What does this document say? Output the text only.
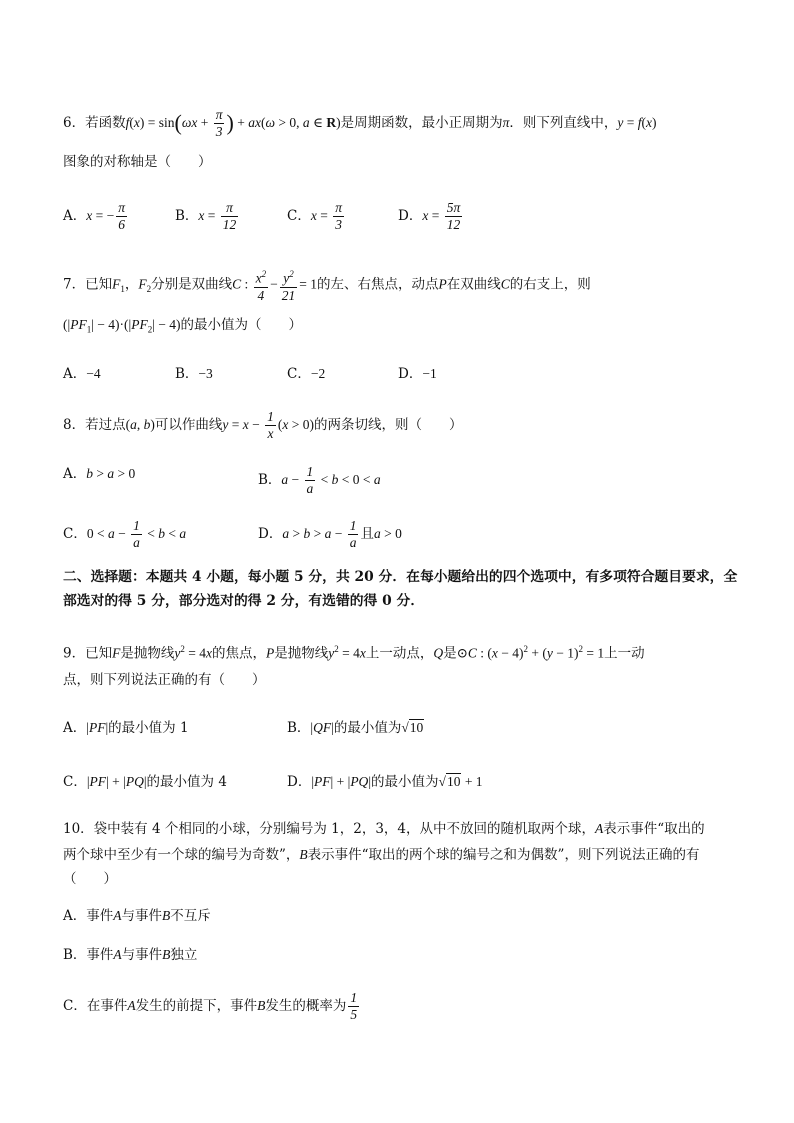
6．若函数$f(x) = \sin(\omega x + \frac{\pi}{3}$ ) + ax(ω > 0, a ∈ R)是周期函数，最小正周期为π．则下列直线中，y = f(x)
图象的对称轴是（　　）
A．x = − $\frac{\pi}{6}$	B．$x = \frac{\pi}{12}$	C．$x = \frac{\pi}{3}$	D．$x = \frac{5\pi}{12}$
7．已知$F_1$，$F_2$分别是双曲线C : $\frac{x^2}{4} - \frac{y^2}{21} = 1$的左、右焦点，动点P在双曲线C的右支上，则
$(|PF_1| - 4)\cdot(|PF_2| - 4)$的最小值为（　　）
A．−4	B．−3	C．−2	D．−1
8．若过点(a, b)可以作曲线$y = x - \frac{1}{x} (x > 0)$的两条切线，则（　　）
A．b > a > 0	B．$a - \frac{1}{a} < b < 0 < a$
C．$0 < a - \frac{1}{a} < b < a$	D．$a > b > a - \frac{1}{a}$ 且a > 0
二、选择题：本题共 4 小题，每小题 5 分，共 20 分．在每小题给出的四个选项中，有多项符合题目要求，全部选对的得 5 分，部分选对的得 2 分，有选错的得 0 分．
9．已知F是抛物线$y^2 = 4x$的焦点，P是抛物线$y^2 = 4x$上一动点，Q是⊙C : $(x - 4)^2 + (y - 1)^2 = 1$上一动
点，则下列说法正确的有（　　）
A．|PF|的最小值为 1	B．|QF|的最小值为√10
C．|PF| + |PQ|的最小值为 4	D．|PF| + |PQ|的最小值为√10 + 1
10．袋中装有 4 个相同的小球，分别编号为 1，2，3，4，从中不放回的随机取两个球，A表示事件“取出的
两个球中至少有一个球的编号为奇数”，B表示事件“取出的两个球的编号之和为偶数”，则下列说法正确的有
（　　）
A．事件A与事件B不互斥
B．事件A与事件B独立
C．在事件A发生的前提下，事件B发生的概率为 $\frac{1}{5}$
